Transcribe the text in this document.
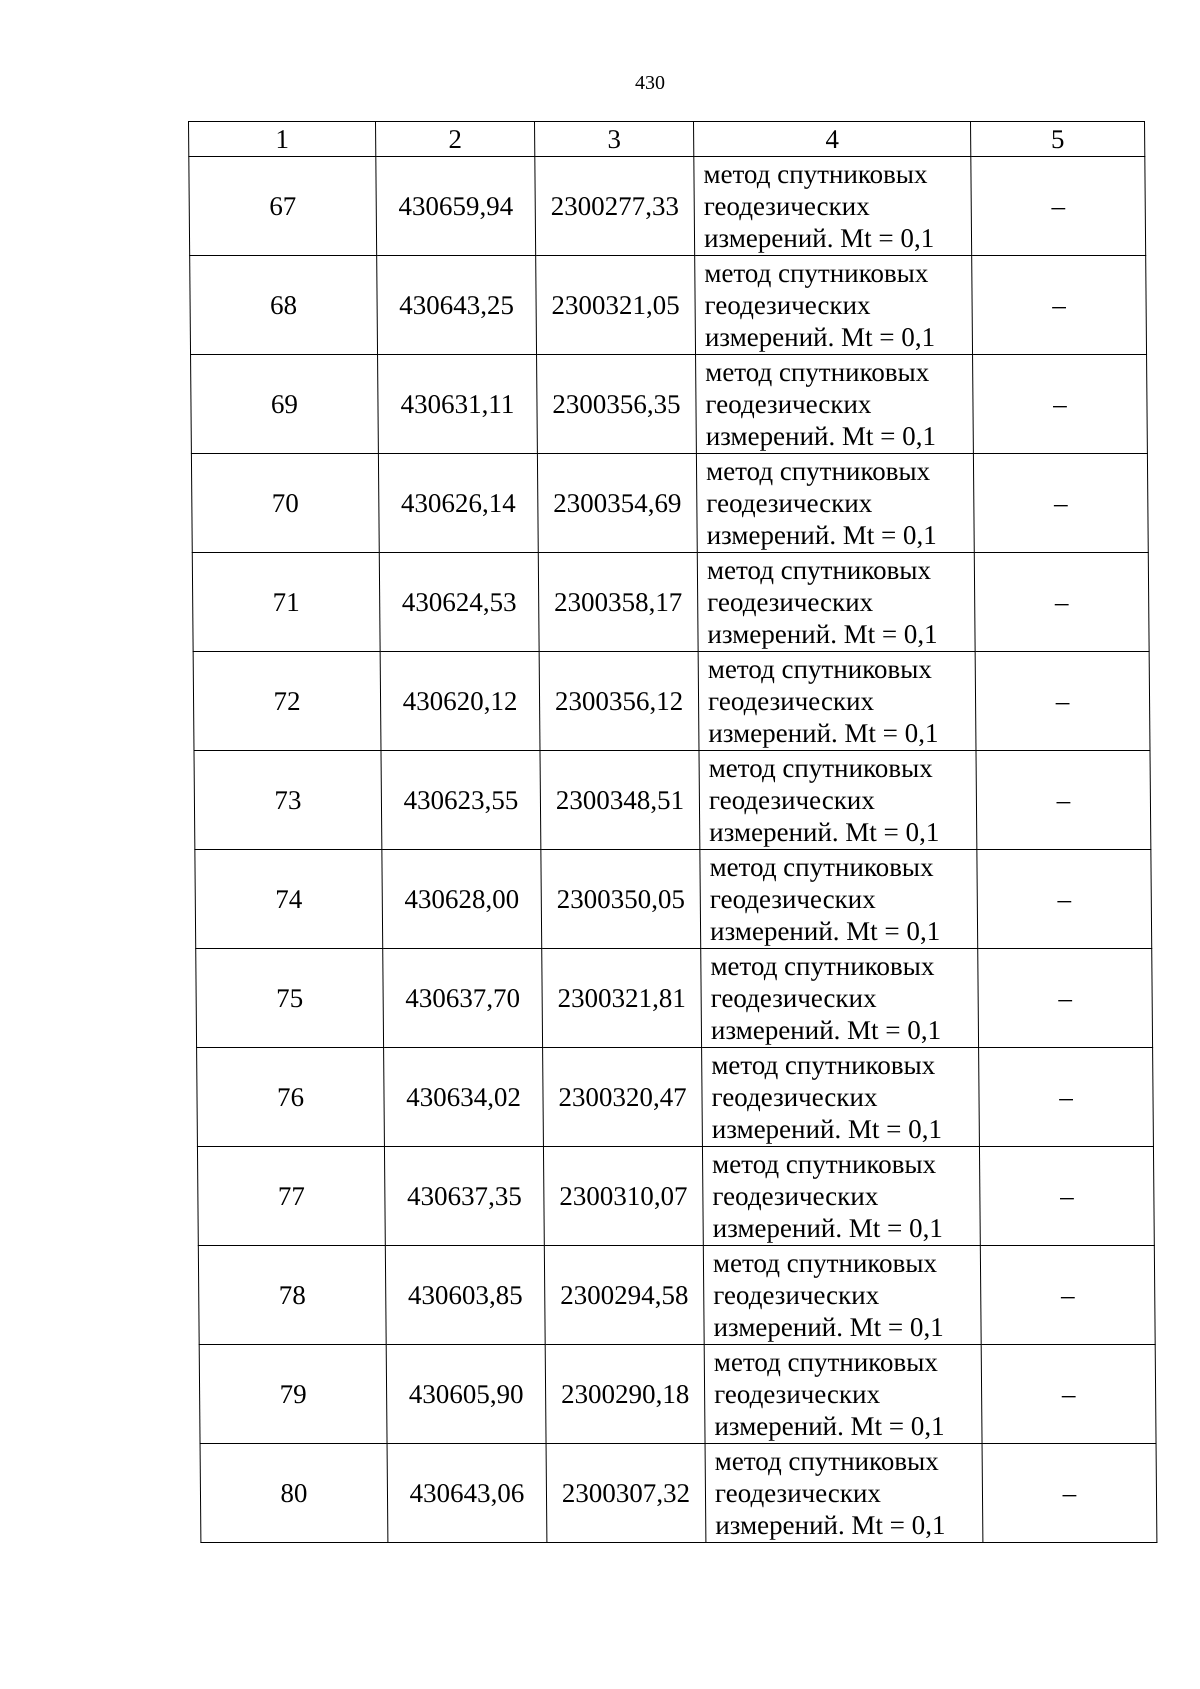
430
1	2	3	4	5
67	430659,94	2300277,33	метод спутниковых
геодезических
измерений. Mt = 0,1	–
68	430643,25	2300321,05	метод спутниковых
геодезических
измерений. Mt = 0,1	–
69	430631,11	2300356,35	метод спутниковых
геодезических
измерений. Mt = 0,1	–
70	430626,14	2300354,69	метод спутниковых
геодезических
измерений. Mt = 0,1	–
71	430624,53	2300358,17	метод спутниковых
геодезических
измерений. Mt = 0,1	–
72	430620,12	2300356,12	метод спутниковых
геодезических
измерений. Mt = 0,1	–
73	430623,55	2300348,51	метод спутниковых
геодезических
измерений. Mt = 0,1	–
74	430628,00	2300350,05	метод спутниковых
геодезических
измерений. Mt = 0,1	–
75	430637,70	2300321,81	метод спутниковых
геодезических
измерений. Mt = 0,1	–
76	430634,02	2300320,47	метод спутниковых
геодезических
измерений. Mt = 0,1	–
77	430637,35	2300310,07	метод спутниковых
геодезических
измерений. Mt = 0,1	–
78	430603,85	2300294,58	метод спутниковых
геодезических
измерений. Mt = 0,1	–
79	430605,90	2300290,18	метод спутниковых
геодезических
измерений. Mt = 0,1	–
80	430643,06	2300307,32	метод спутниковых
геодезических
измерений. Mt = 0,1	–
